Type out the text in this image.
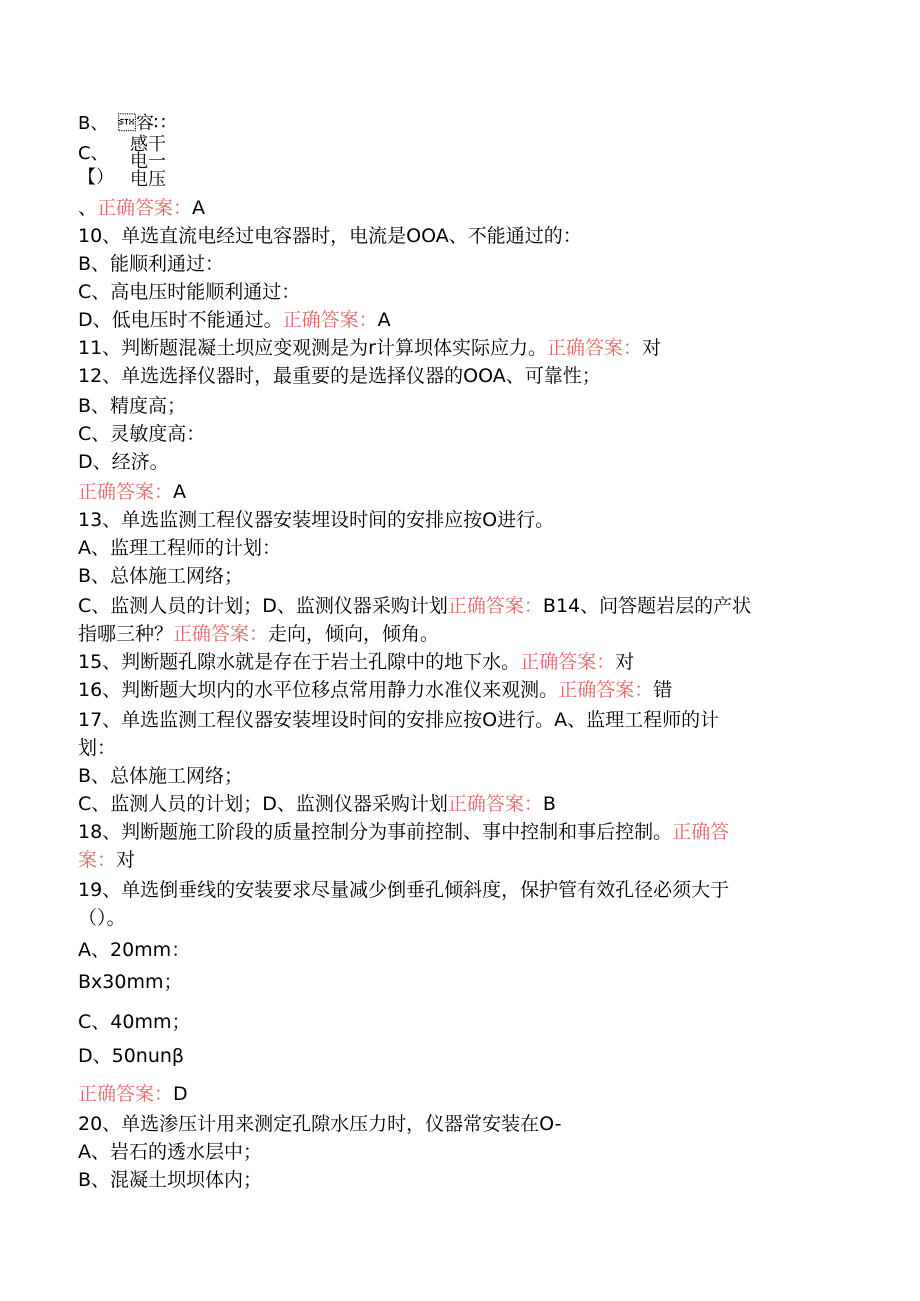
B、
C、
【）
容∷
感干
电一
电压
、正确答案：A
10、单选直流电经过电容器时，电流是OOA、不能通过的：
B、能顺利通过：
C、高电压时能顺利通过：
D、低电压时不能通过。正确答案：A
11、判断题混凝土坝应变观测是为r计算坝体实际应力。正确答案：对
12、单选选择仪器时，最重要的是选择仪器的OOA、可靠性；
B、精度高；
C、灵敏度高：
D、经济。
正确答案：A
13、单选监测工程仪器安装埋设时间的安排应按O进行。
A、监理工程师的计划：
B、总体施工网络；
C、监测人员的计划；D、监测仪器采购计划正确答案：B14、问答题岩层的产状
指哪三种？正确答案：走向，倾向，倾角。
15、判断题孔隙水就是存在于岩土孔隙中的地下水。正确答案：对
16、判断题大坝内的水平位移点常用静力水准仪来观测。正确答案：错
17、单选监测工程仪器安装埋设时间的安排应按O进行。A、监理工程师的计
划：
B、总体施工网络；
C、监测人员的计划；D、监测仪器采购计划正确答案：B
18、判断题施工阶段的质量控制分为事前控制、事中控制和事后控制。正确答
案：对
19、单选倒垂线的安装要求尽量减少倒垂孔倾斜度，保护管有效孔径必须大于
（）。
A、20mm：
Bx30mm；
C、40mm；
D、50nunβ
正确答案：D
20、单选渗压计用来测定孔隙水压力时，仪器常安装在O-
A、岩石的透水层中；
B、混凝土坝坝体内；
